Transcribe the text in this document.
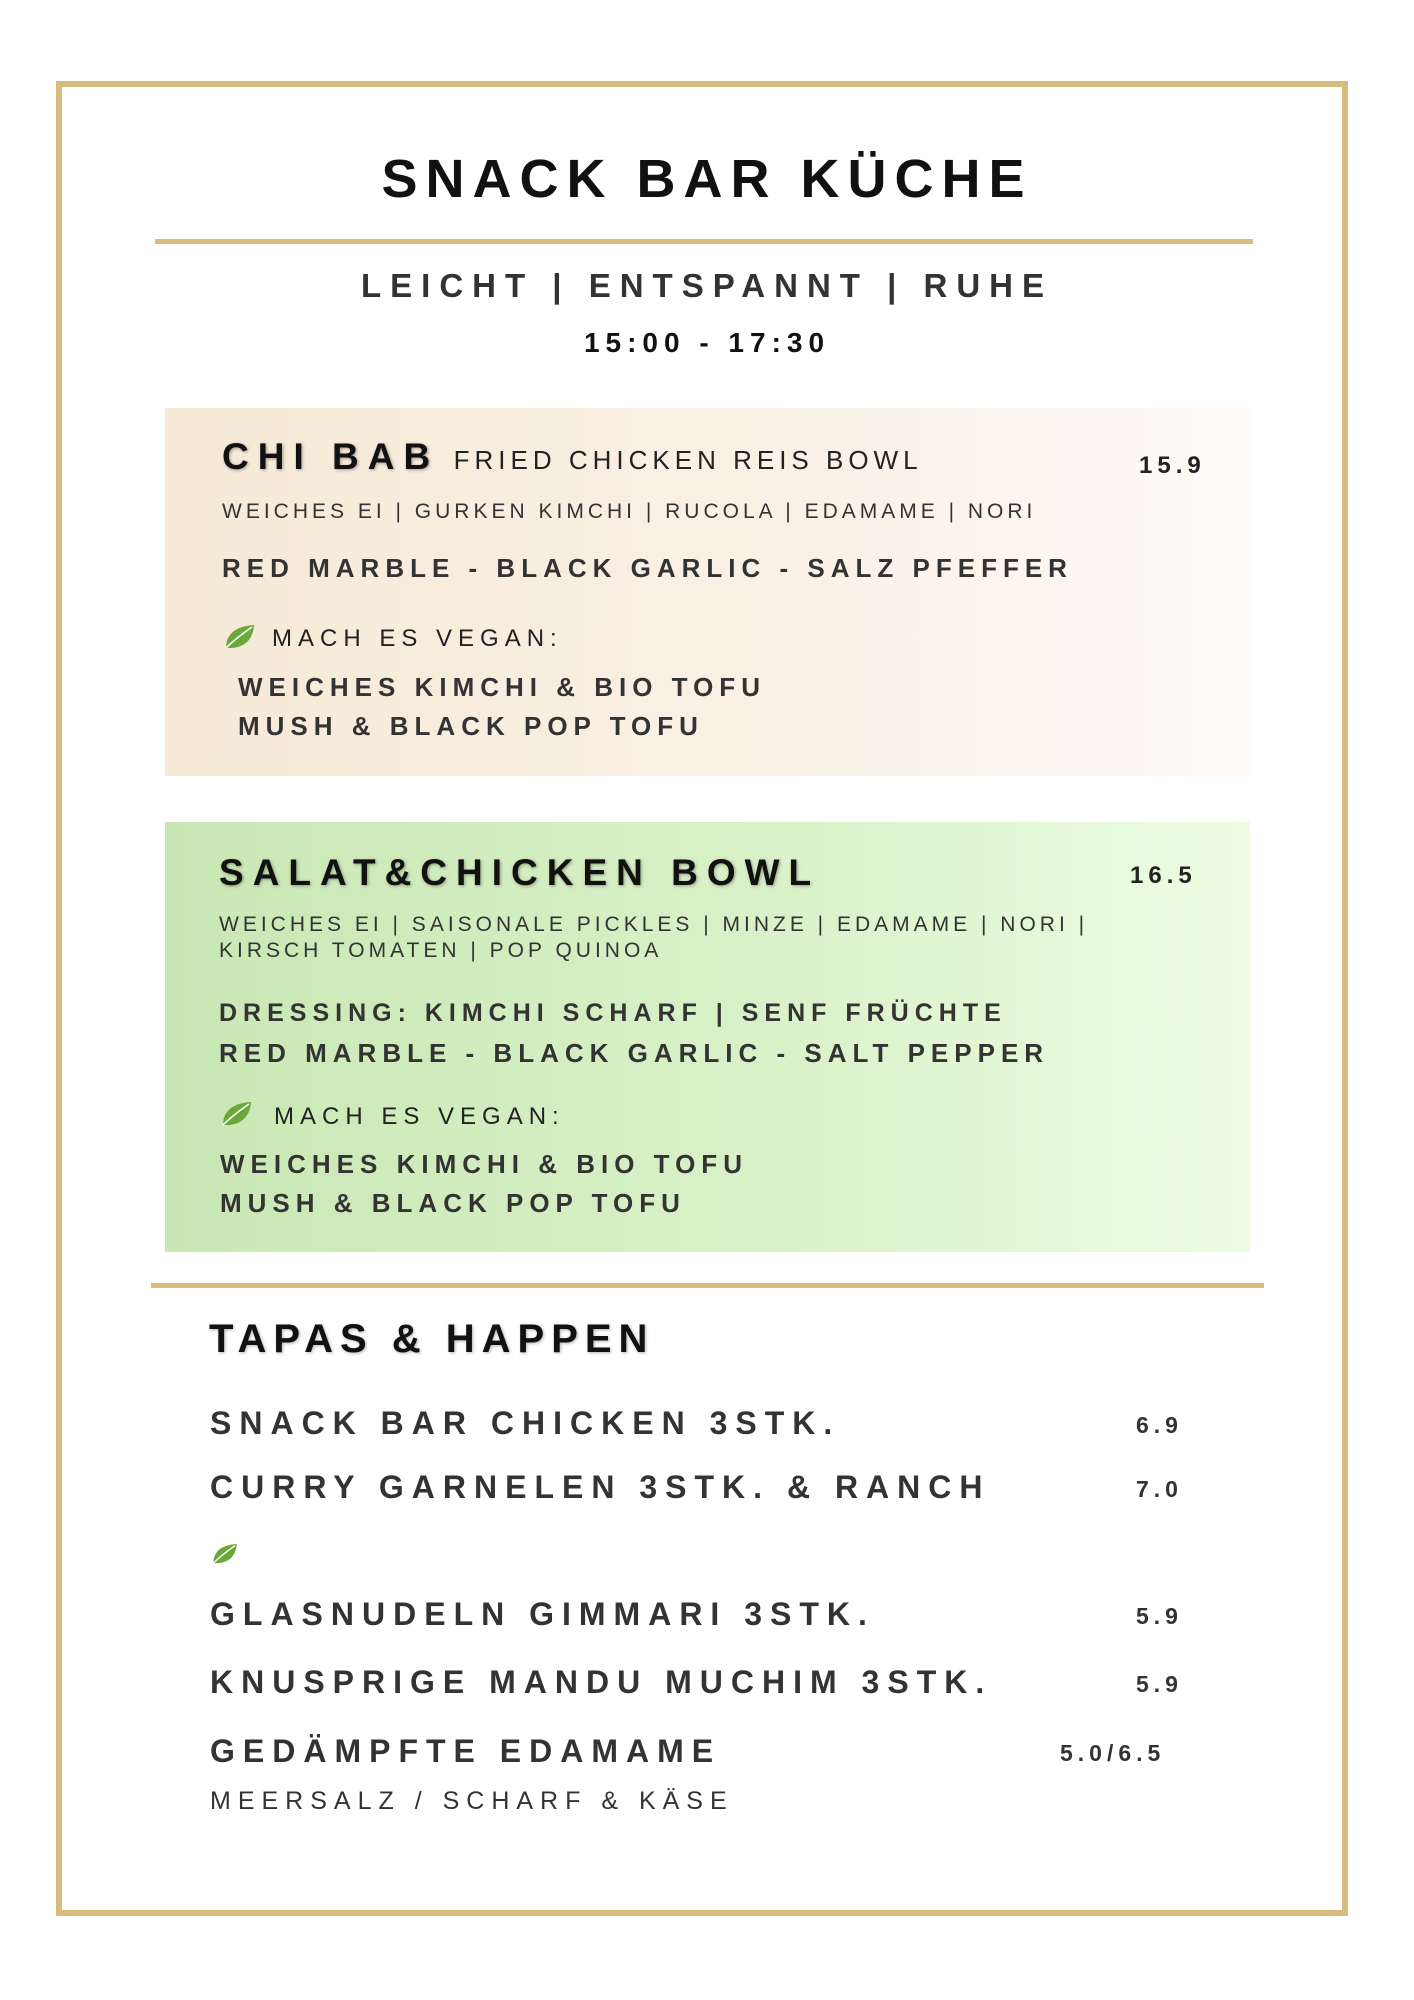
SNACK BAR KÜCHE
LEICHT | ENTSPANNT | RUHE
15:00 - 17:30
CHI BAB FRIED CHICKEN REIS BOWL	15.9
WEICHES EI | GURKEN KIMCHI | RUCOLA | EDAMAME | NORI
RED MARBLE - BLACK GARLIC - SALZ PFEFFER
MACH ES VEGAN:
WEICHES KIMCHI & BIO TOFU
MUSH & BLACK POP TOFU
SALAT&CHICKEN BOWL	16.5
WEICHES EI | SAISONALE PICKLES | MINZE | EDAMAME | NORI |
KIRSCH TOMATEN | POP QUINOA
DRESSING: KIMCHI SCHARF | SENF FRÜCHTE
RED MARBLE - BLACK GARLIC - SALT PEPPER
MACH ES VEGAN:
WEICHES KIMCHI & BIO TOFU
MUSH & BLACK POP TOFU
TAPAS & HAPPEN
SNACK BAR CHICKEN 3STK.	6.9
CURRY GARNELEN 3STK. & RANCH	7.0
GLASNUDELN GIMMARI 3STK.	5.9
KNUSPRIGE MANDU MUCHIM 3STK.	5.9
GEDÄMPFTE EDAMAME	5.0/6.5
MEERSALZ / SCHARF & KÄSE
